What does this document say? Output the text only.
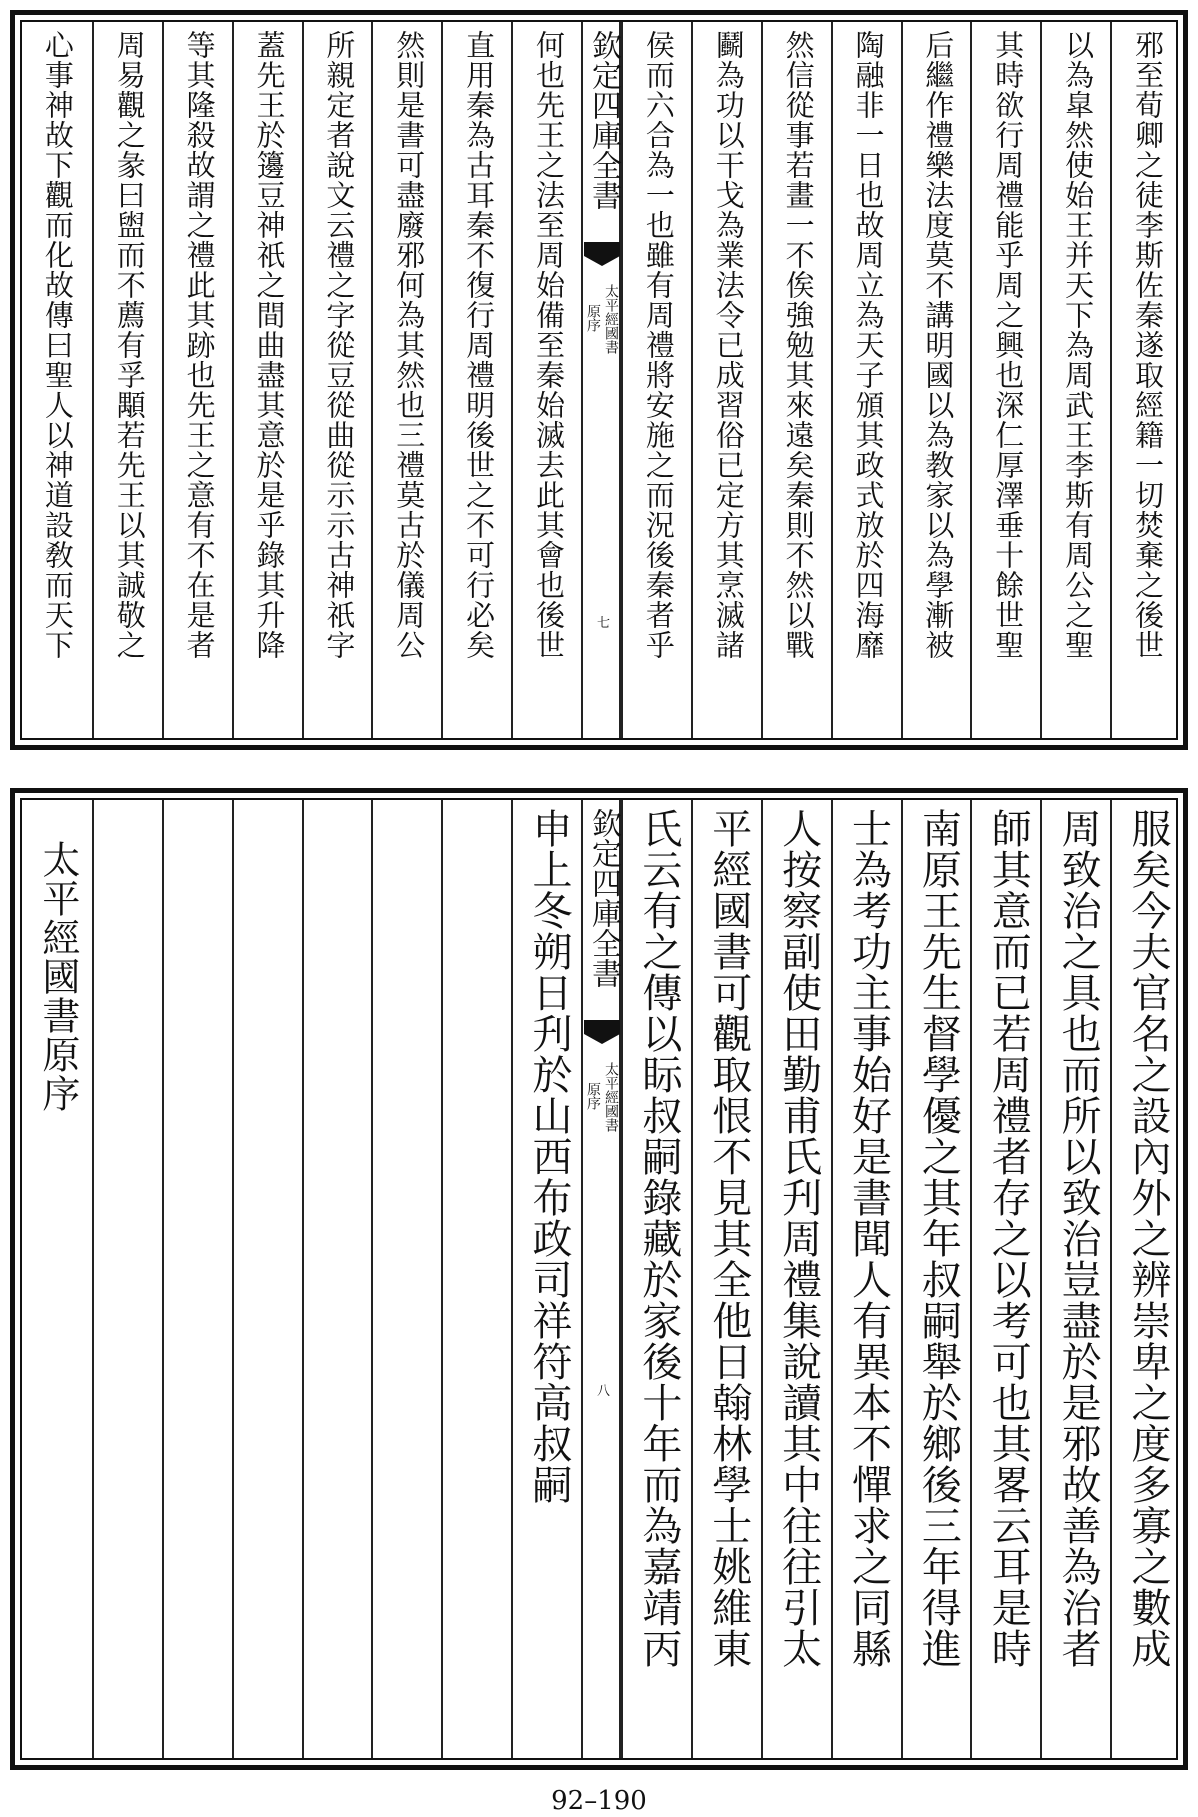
邪至荀卿之徒李斯佐秦遂取經籍一切焚棄之後世
以為皐然使始王并天下為周武王李斯有周公之聖
其時欲行周禮能乎周之興也深仁厚澤垂十餘世聖
后繼作禮樂法度莫不講明國以為教家以為學漸被
陶融非一日也故周立為天子頒其政式放於四海靡
然信從事若畫一不俟強勉其來遠矣秦則不然以戰
鬬為功以干戈為業法令已成習俗已定方其烹滅諸
侯而六合為一也雖有周禮將安施之而況後秦者乎
欽定四庫全書
太平經國書
原序
七
何也先王之法至周始備至秦始滅去此其會也後世
直用秦為古耳秦不復行周禮明後世之不可行必矣
然則是書可盡廢邪何為其然也三禮莫古於儀周公
所親定者說文云禮之字從豆從曲從示示古神祇字
蓋先王於籩豆神祇之間曲盡其意於是乎錄其升降
等其隆殺故謂之禮此其跡也先王之意有不在是者
周易觀之彖曰盥而不薦有孚顒若先王以其誠敬之
心事神故下觀而化故傳曰聖人以神道設敎而天下
服矣今夫官名之設內外之辨崇卑之度多寡之數成
周致治之具也而所以致治豈盡於是邪故善為治者
師其意而已若周禮者存之以考可也其畧云耳是時
南原王先生督學優之其年叔嗣舉於鄉後三年得進
士為考功主事始好是書聞人有異本不憚求之同縣
人按察副使田勤甫氏刋周禮集說讀其中往往引太
平經國書可觀取恨不見其全他日翰林學士姚維東
氏云有之傳以眎叔嗣錄藏於家後十年而為嘉靖丙
欽定四庫全書
太平經國書
原序
八
申上冬朔日刋於山西布政司祥符高叔嗣
太平經國書原序
92–190
